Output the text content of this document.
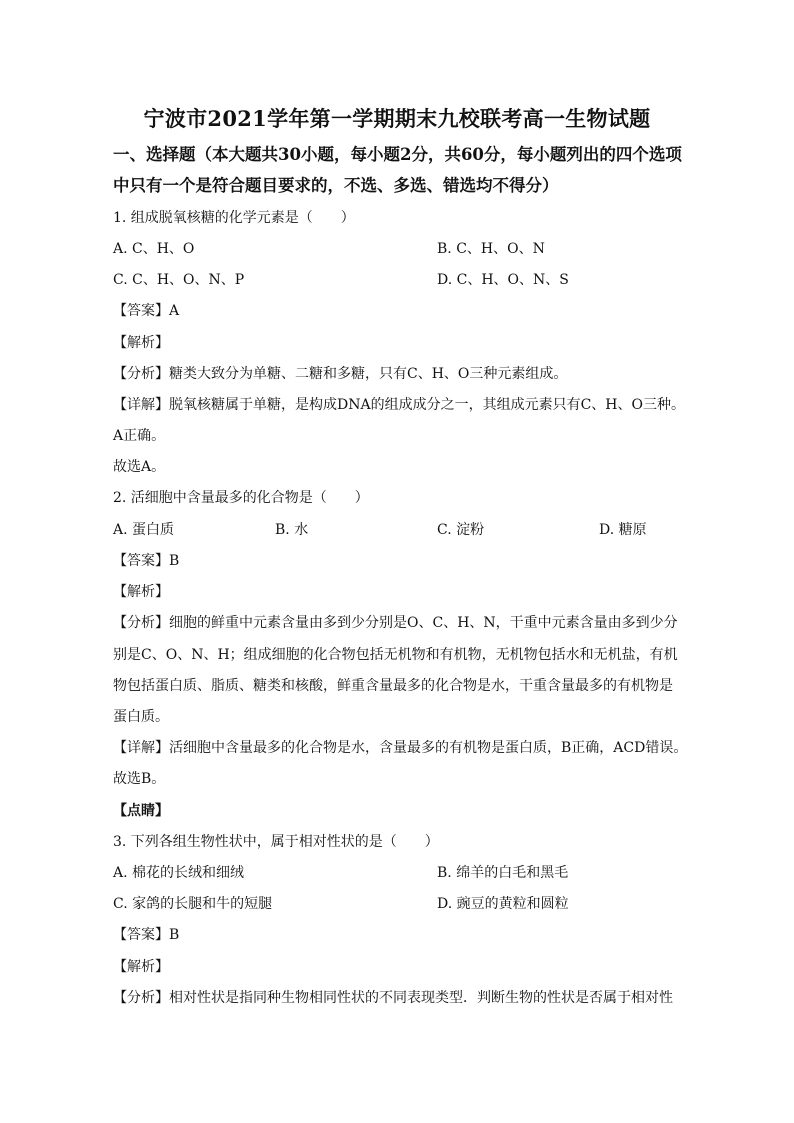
宁波市2021学年第一学期期末九校联考高一生物试题
一、选择题（本大题共30小题，每小题2分，共60分，每小题列出的四个选项
中只有一个是符合题目要求的，不选、多选、错选均不得分）
1. 组成脱氧核糖的化学元素是（　　）
A. C、H、O	B. C、H、O、N
C. C、H、O、N、P	D. C、H、O、N、S
【答案】A
【解析】
【分析】糖类大致分为单糖、二糖和多糖，只有C、H、O三种元素组成。
【详解】脱氧核糖属于单糖，是构成DNA的组成成分之一，其组成元素只有C、H、O三种。
A正确。
故选A。
2. 活细胞中含量最多的化合物是（　　）
A. 蛋白质	B. 水	C. 淀粉	D. 糖原
【答案】B
【解析】
【分析】细胞的鲜重中元素含量由多到少分别是O、C、H、N，干重中元素含量由多到少分
别是C、O、N、H；组成细胞的化合物包括无机物和有机物，无机物包括水和无机盐，有机
物包括蛋白质、脂质、糖类和核酸，鲜重含量最多的化合物是水，干重含量最多的有机物是
蛋白质。
【详解】活细胞中含量最多的化合物是水，含量最多的有机物是蛋白质，B正确，ACD错误。
故选B。
【点睛】
3. 下列各组生物性状中，属于相对性状的是（　　）
A. 棉花的长绒和细绒	B. 绵羊的白毛和黑毛
C. 家鸽的长腿和牛的短腿	D. 豌豆的黄粒和圆粒
【答案】B
【解析】
【分析】相对性状是指同种生物相同性状的不同表现类型．判断生物的性状是否属于相对性
